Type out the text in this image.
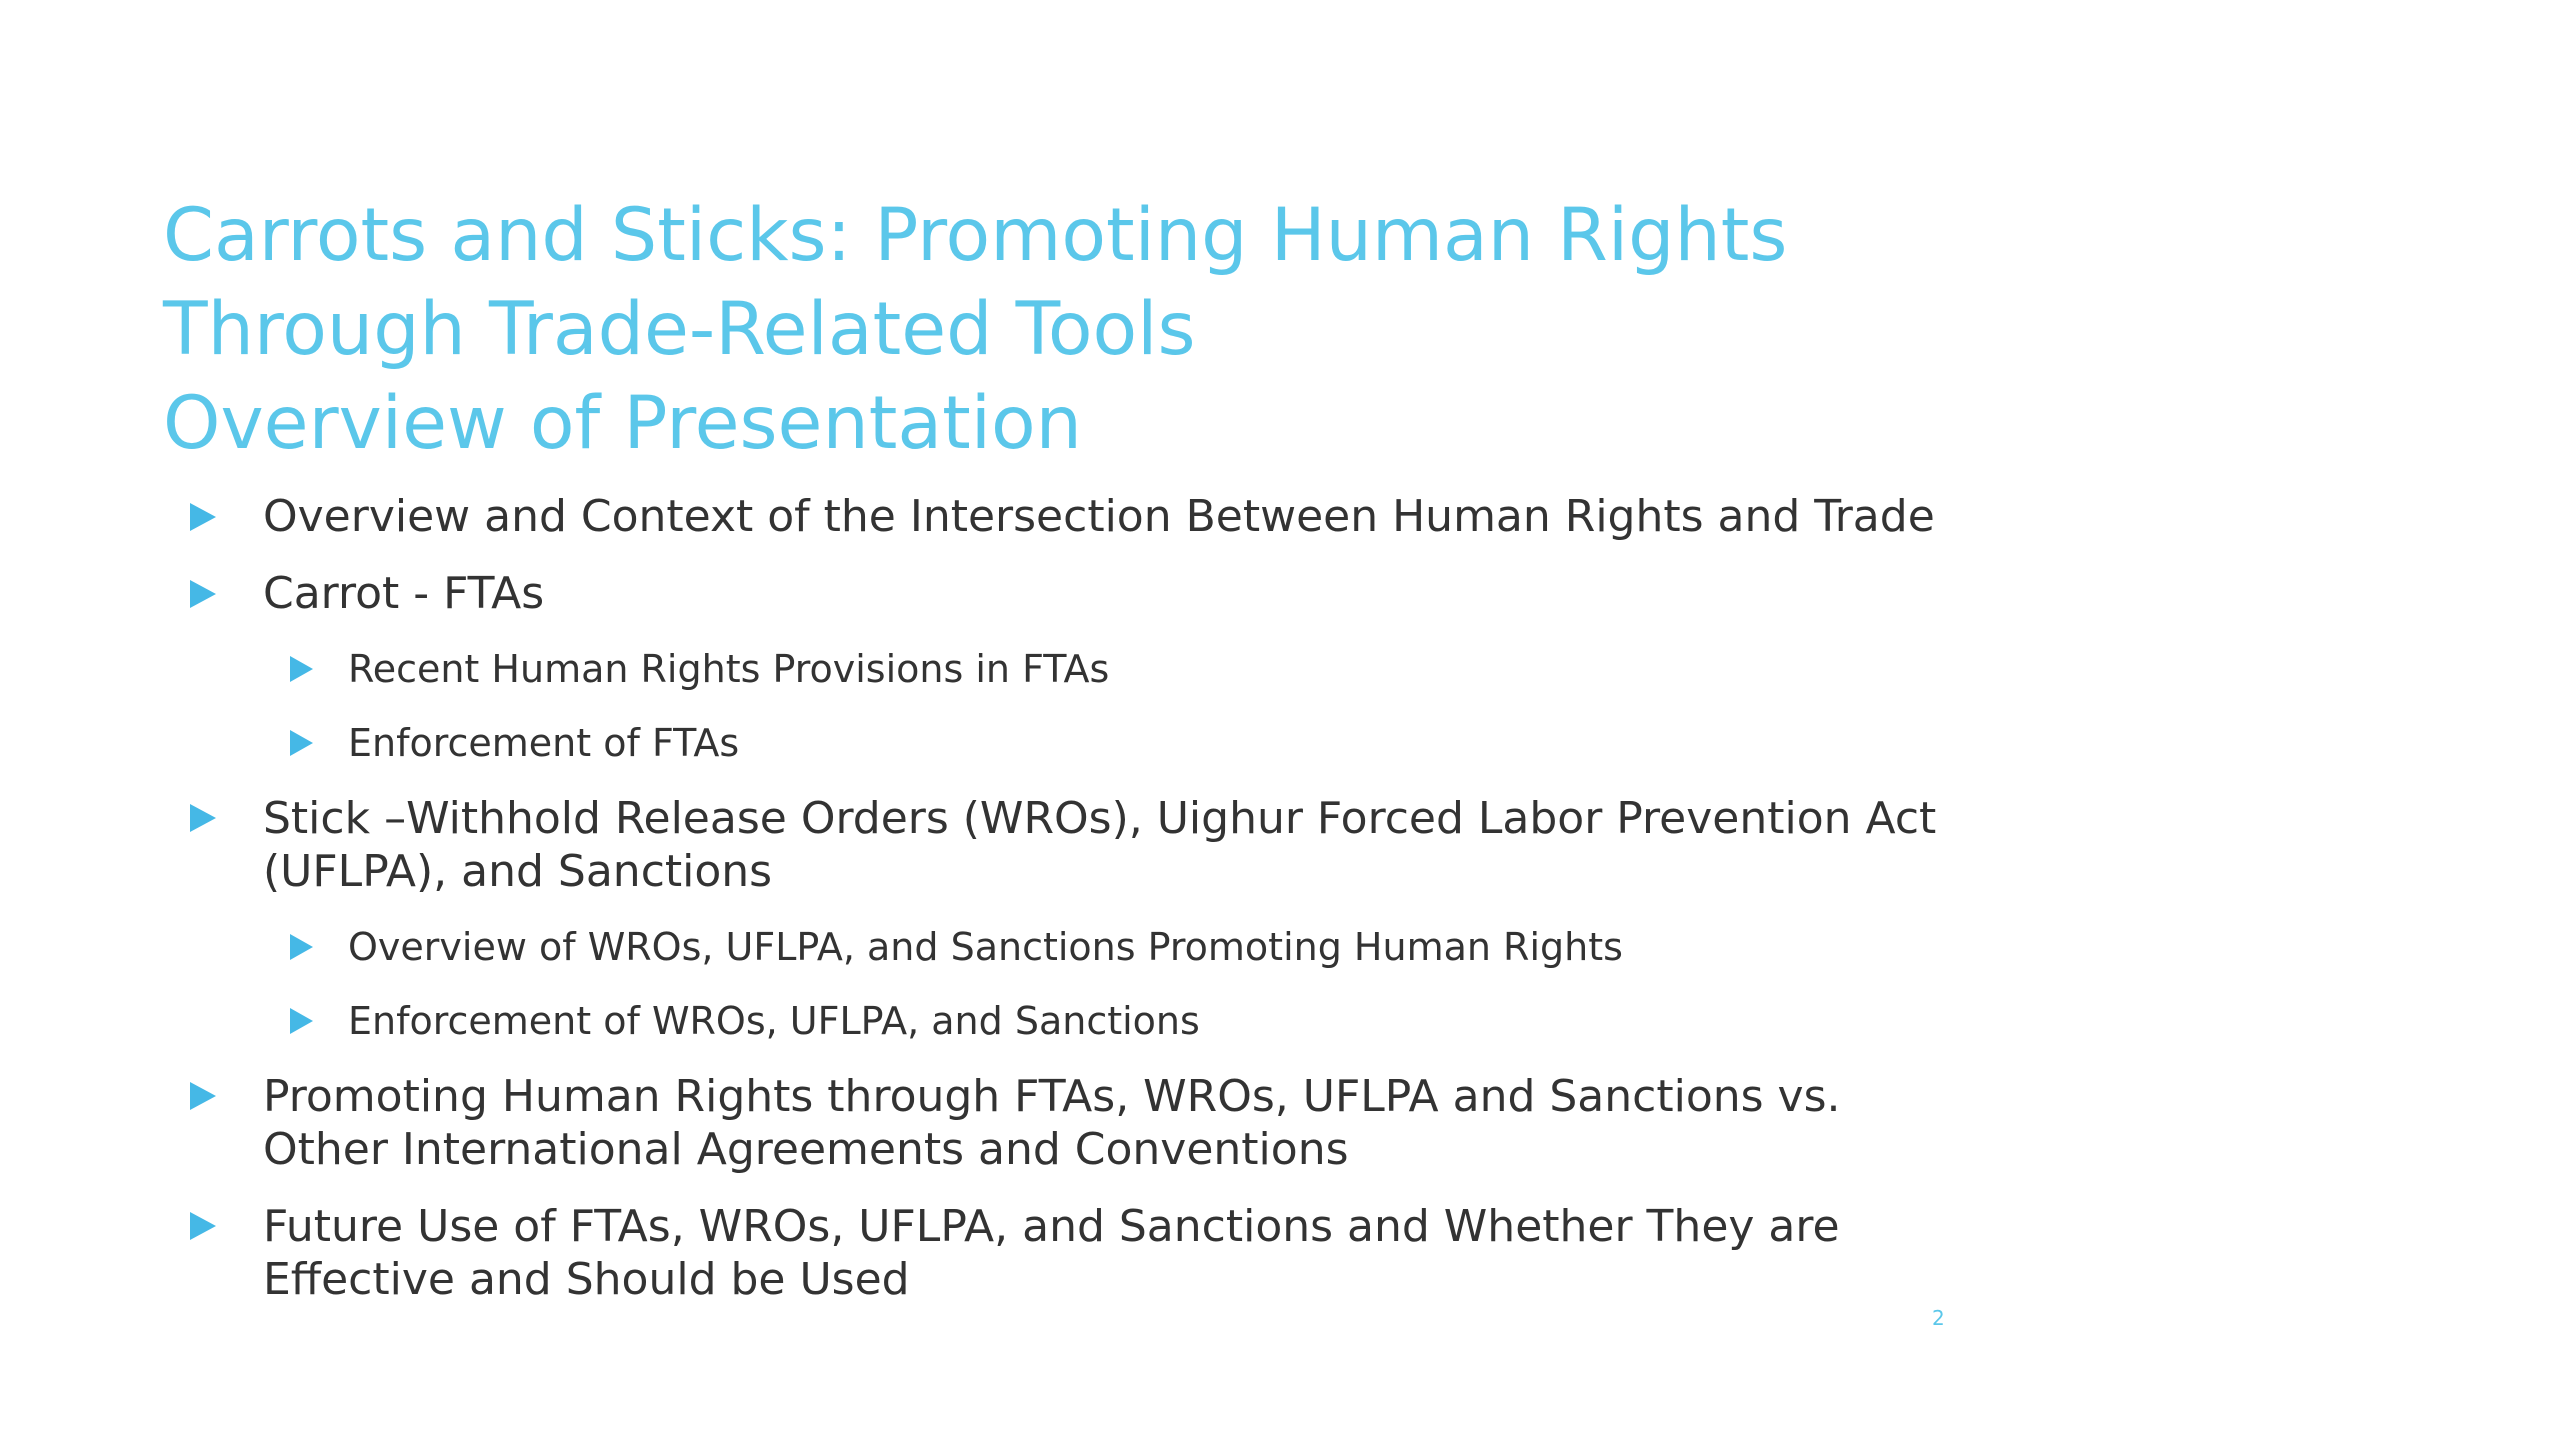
Carrots and Sticks: Promoting Human Rights
Through Trade-Related Tools
Overview of Presentation
Overview and Context of the Intersection Between Human Rights and Trade
Carrot - FTAs
Recent Human Rights Provisions in FTAs
Enforcement of FTAs
Stick –Withhold Release Orders (WROs), Uighur Forced Labor Prevention Act (UFLPA), and Sanctions
Overview of WROs, UFLPA, and Sanctions Promoting Human Rights
Enforcement of WROs, UFLPA, and Sanctions
Promoting Human Rights through FTAs, WROs, UFLPA and Sanctions vs. Other International Agreements and Conventions
Future Use of FTAs, WROs, UFLPA, and Sanctions and Whether They are Effective and Should be Used
2
